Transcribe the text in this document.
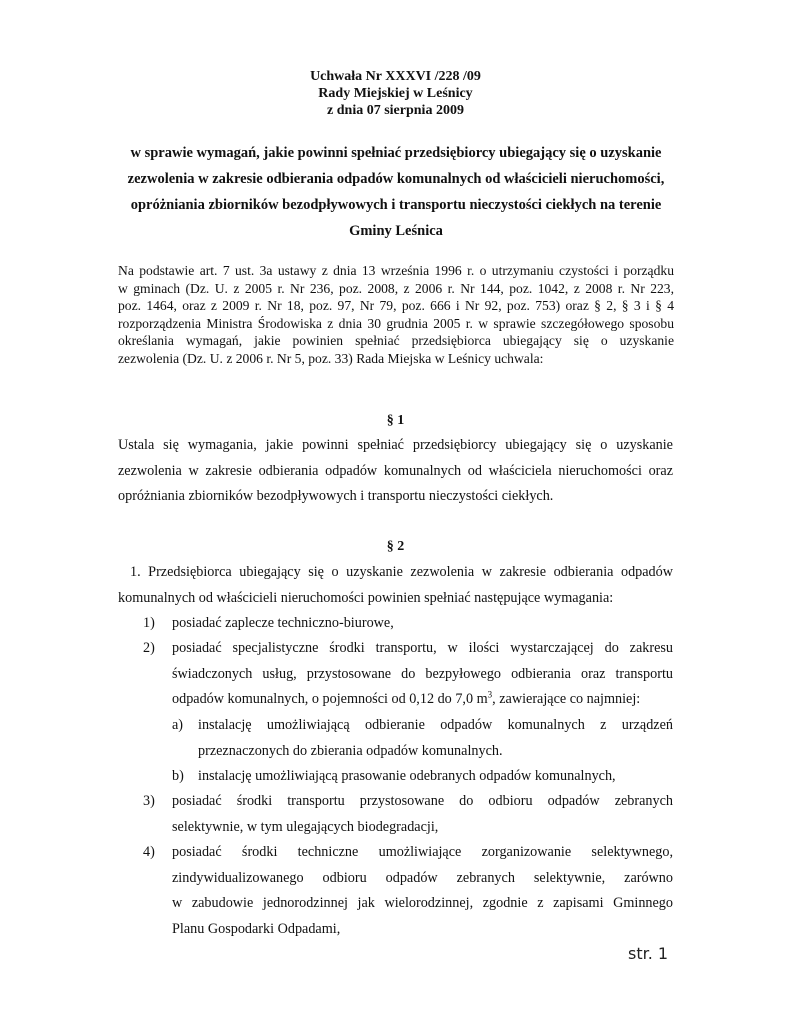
Uchwała Nr XXXVI /228 /09
Rady Miejskiej w Leśnicy
z dnia 07 sierpnia 2009
w sprawie wymagań, jakie powinni spełniać przedsiębiorcy ubiegający się o uzyskanie
zezwolenia w zakresie odbierania odpadów komunalnych od właścicieli nieruchomości,
opróżniania zbiorników bezodpływowych i transportu nieczystości ciekłych na terenie
Gminy Leśnica
Na podstawie art. 7 ust. 3a ustawy z dnia 13 września 1996 r. o utrzymaniu czystości i porządku
w gminach (Dz. U. z 2005 r. Nr 236, poz. 2008, z 2006 r. Nr 144, poz. 1042, z 2008 r. Nr 223,
poz. 1464, oraz z 2009 r. Nr 18, poz. 97, Nr 79, poz. 666 i Nr 92, poz. 753) oraz § 2, § 3 i § 4
rozporządzenia Ministra Środowiska z dnia 30 grudnia 2005 r. w sprawie szczegółowego sposobu
określania wymagań, jakie powinien spełniać przedsiębiorca ubiegający się o uzyskanie
zezwolenia (Dz. U. z 2006 r. Nr 5, poz. 33) Rada Miejska w Leśnicy uchwala:
§ 1
Ustala się wymagania, jakie powinni spełniać przedsiębiorcy ubiegający się o uzyskanie
zezwolenia w zakresie odbierania odpadów komunalnych od właściciela nieruchomości oraz
opróżniania zbiorników bezodpływowych i transportu nieczystości ciekłych.
§ 2
1. Przedsiębiorca ubiegający się o uzyskanie zezwolenia w zakresie odbierania odpadów
komunalnych od właścicieli nieruchomości powinien spełniać następujące wymagania:
1) posiadać zaplecze techniczno-biurowe,
2) posiadać specjalistyczne środki transportu, w ilości wystarczającej do zakresu
świadczonych usług, przystosowane do bezpyłowego odbierania oraz transportu
odpadów komunalnych, o pojemności od 0,12 do 7,0 $m^3$, zawierające co najmniej:
a) instalację umożliwiającą odbieranie odpadów komunalnych z urządzeń
przeznaczonych do zbierania odpadów komunalnych.
b) instalację umożliwiającą prasowanie odebranych odpadów komunalnych,
3) posiadać środki transportu przystosowane do odbioru odpadów zebranych
selektywnie, w tym ulegających biodegradacji,
4) posiadać środki techniczne umożliwiające zorganizowanie selektywnego,
zindywidualizowanego odbioru odpadów zebranych selektywnie, zarówno
w zabudowie jednorodzinnej jak wielorodzinnej, zgodnie z zapisami Gminnego
Planu Gospodarki Odpadami,
str. 1
